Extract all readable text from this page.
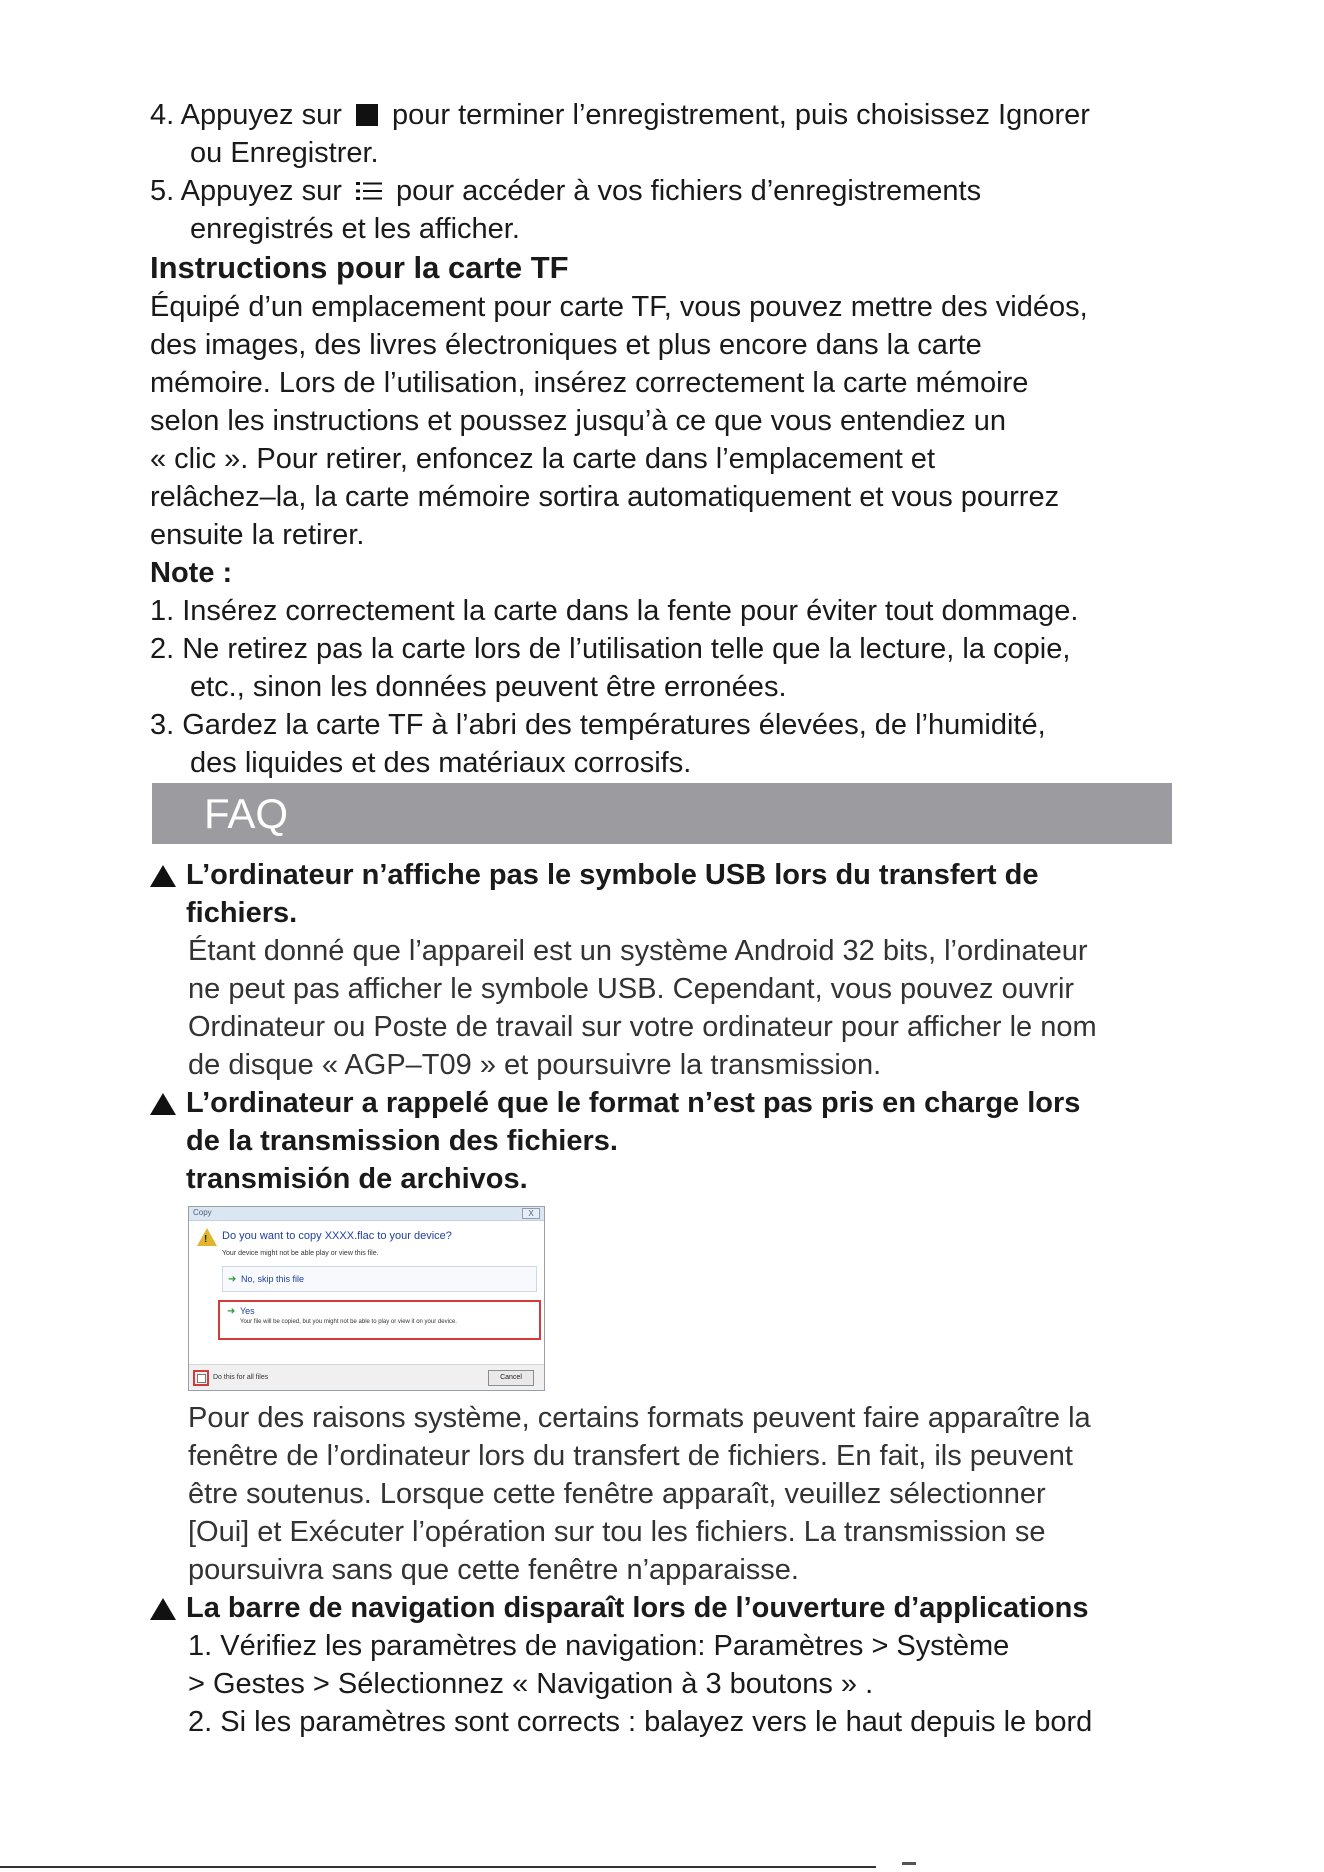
4. Appuyez sur pour terminer l’enregistrement, puis choisissez Ignorer
ou Enregistrer.
5. Appuyez sur pour accéder à vos fichiers d’enregistrements
enregistrés et les afficher.
Instructions pour la carte TF
Équipé d’un emplacement pour carte TF, vous pouvez mettre des vidéos,
des images, des livres électroniques et plus encore dans la carte
mémoire. Lors de l’utilisation, insérez correctement la carte mémoire
selon les instructions et poussez jusqu’à ce que vous entendiez un
« clic ». Pour retirer, enfoncez la carte dans l’emplacement et
relâchez–la, la carte mémoire sortira automatiquement et vous pourrez
ensuite la retirer.
Note :
1. Insérez correctement la carte dans la fente pour éviter tout dommage.
2. Ne retirez pas la carte lors de l’utilisation telle que la lecture, la copie,
etc., sinon les données peuvent être erronées.
3. Gardez la carte TF à l’abri des températures élevées, de l’humidité,
des liquides et des matériaux corrosifs.
L’ordinateur n’affiche pas le symbole USB lors du transfert de
fichiers.
Étant donné que l’appareil est un système Android 32 bits, l’ordinateur
ne peut pas afficher le symbole USB. Cependant, vous pouvez ouvrir
Ordinateur ou Poste de travail sur votre ordinateur pour afficher le nom
de disque « AGP–T09 » et poursuivre la transmission.
L’ordinateur a rappelé que le format n’est pas pris en charge lors
de la transmission des fichiers.
transmisión de archivos.
Copy	X
! Do you want to copy XXXX.flac to your device?
Your device might not be able play or view this file.
➜ No, skip this file
➜ Yes
Your file will be copied, but you might not be able to play or view it on your device.
Do this for all files	Cancel
Pour des raisons système, certains formats peuvent faire apparaître la
fenêtre de l’ordinateur lors du transfert de fichiers. En fait, ils peuvent
être soutenus. Lorsque cette fenêtre apparaît, veuillez sélectionner
[Oui] et Exécuter l’opération sur tou les fichiers. La transmission se
poursuivra sans que cette fenêtre n’apparaisse.
La barre de navigation disparaît lors de l’ouverture d’applications
1. Vérifiez les paramètres de navigation: Paramètres > Système
> Gestes > Sélectionnez « Navigation à 3 boutons » .
2. Si les paramètres sont corrects : balayez vers le haut depuis le bord
FAQ
